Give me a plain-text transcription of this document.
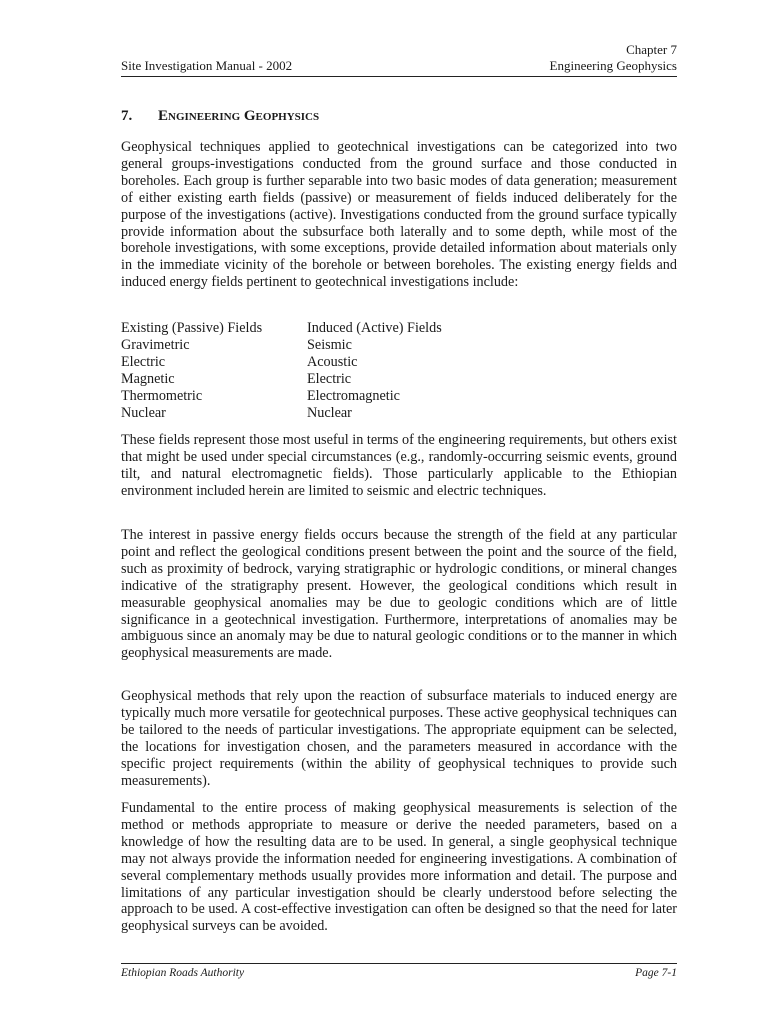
Chapter 7
Site Investigation Manual - 2002	Engineering Geophysics
7. Engineering Geophysics

Geophysical techniques applied to geotechnical investigations can be categorized into two general groups-investigations conducted from the ground surface and those conducted in boreholes. Each group is further separable into two basic modes of data generation; measurement of either existing earth fields (passive) or measurement of fields induced deliberately for the purpose of the investigations (active). Investigations conducted from the ground surface typically provide information about the subsurface both laterally and to some depth, while most of the borehole investigations, with some exceptions, provide detailed information about materials only in the immediate vicinity of the borehole or between boreholes. The existing energy fields and induced energy fields pertinent to geotechnical investigations include:

Existing (Passive) Fields	Induced (Active) Fields
Gravimetric	Seismic
Electric	Acoustic
Magnetic	Electric
Thermometric	Electromagnetic
Nuclear	Nuclear

These fields represent those most useful in terms of the engineering requirements, but others exist that might be used under special circumstances (e.g., randomly-occurring seismic events, ground tilt, and natural electromagnetic fields). Those particularly applicable to the Ethiopian environment included herein are limited to seismic and electric techniques.

The interest in passive energy fields occurs because the strength of the field at any particular point and reflect the geological conditions present between the point and the source of the field, such as proximity of bedrock, varying stratigraphic or hydrologic conditions, or mineral changes indicative of the stratigraphy present. However, the geological conditions which result in measurable geophysical anomalies may be due to geologic conditions which are of little significance in a geotechnical investigation. Furthermore, interpretations of anomalies may be ambiguous since an anomaly may be due to natural geologic conditions or to the manner in which geophysical measurements are made.

Geophysical methods that rely upon the reaction of subsurface materials to induced energy are typically much more versatile for geotechnical purposes. These active geophysical techniques can be tailored to the needs of particular investigations. The appropriate equipment can be selected, the locations for investigation chosen, and the parameters measured in accordance with the specific project requirements (within the ability of geophysical techniques to provide such measurements).

Fundamental to the entire process of making geophysical measurements is selection of the method or methods appropriate to measure or derive the needed parameters, based on a knowledge of how the resulting data are to be used. In general, a single geophysical technique may not always provide the information needed for engineering investigations. A combination of several complementary methods usually provides more information and detail. The purpose and limitations of any particular investigation should be clearly understood before selecting the approach to be used. A cost-effective investigation can often be designed so that the need for later geophysical surveys can be avoided.

Ethiopian Roads Authority	Page 7-1
